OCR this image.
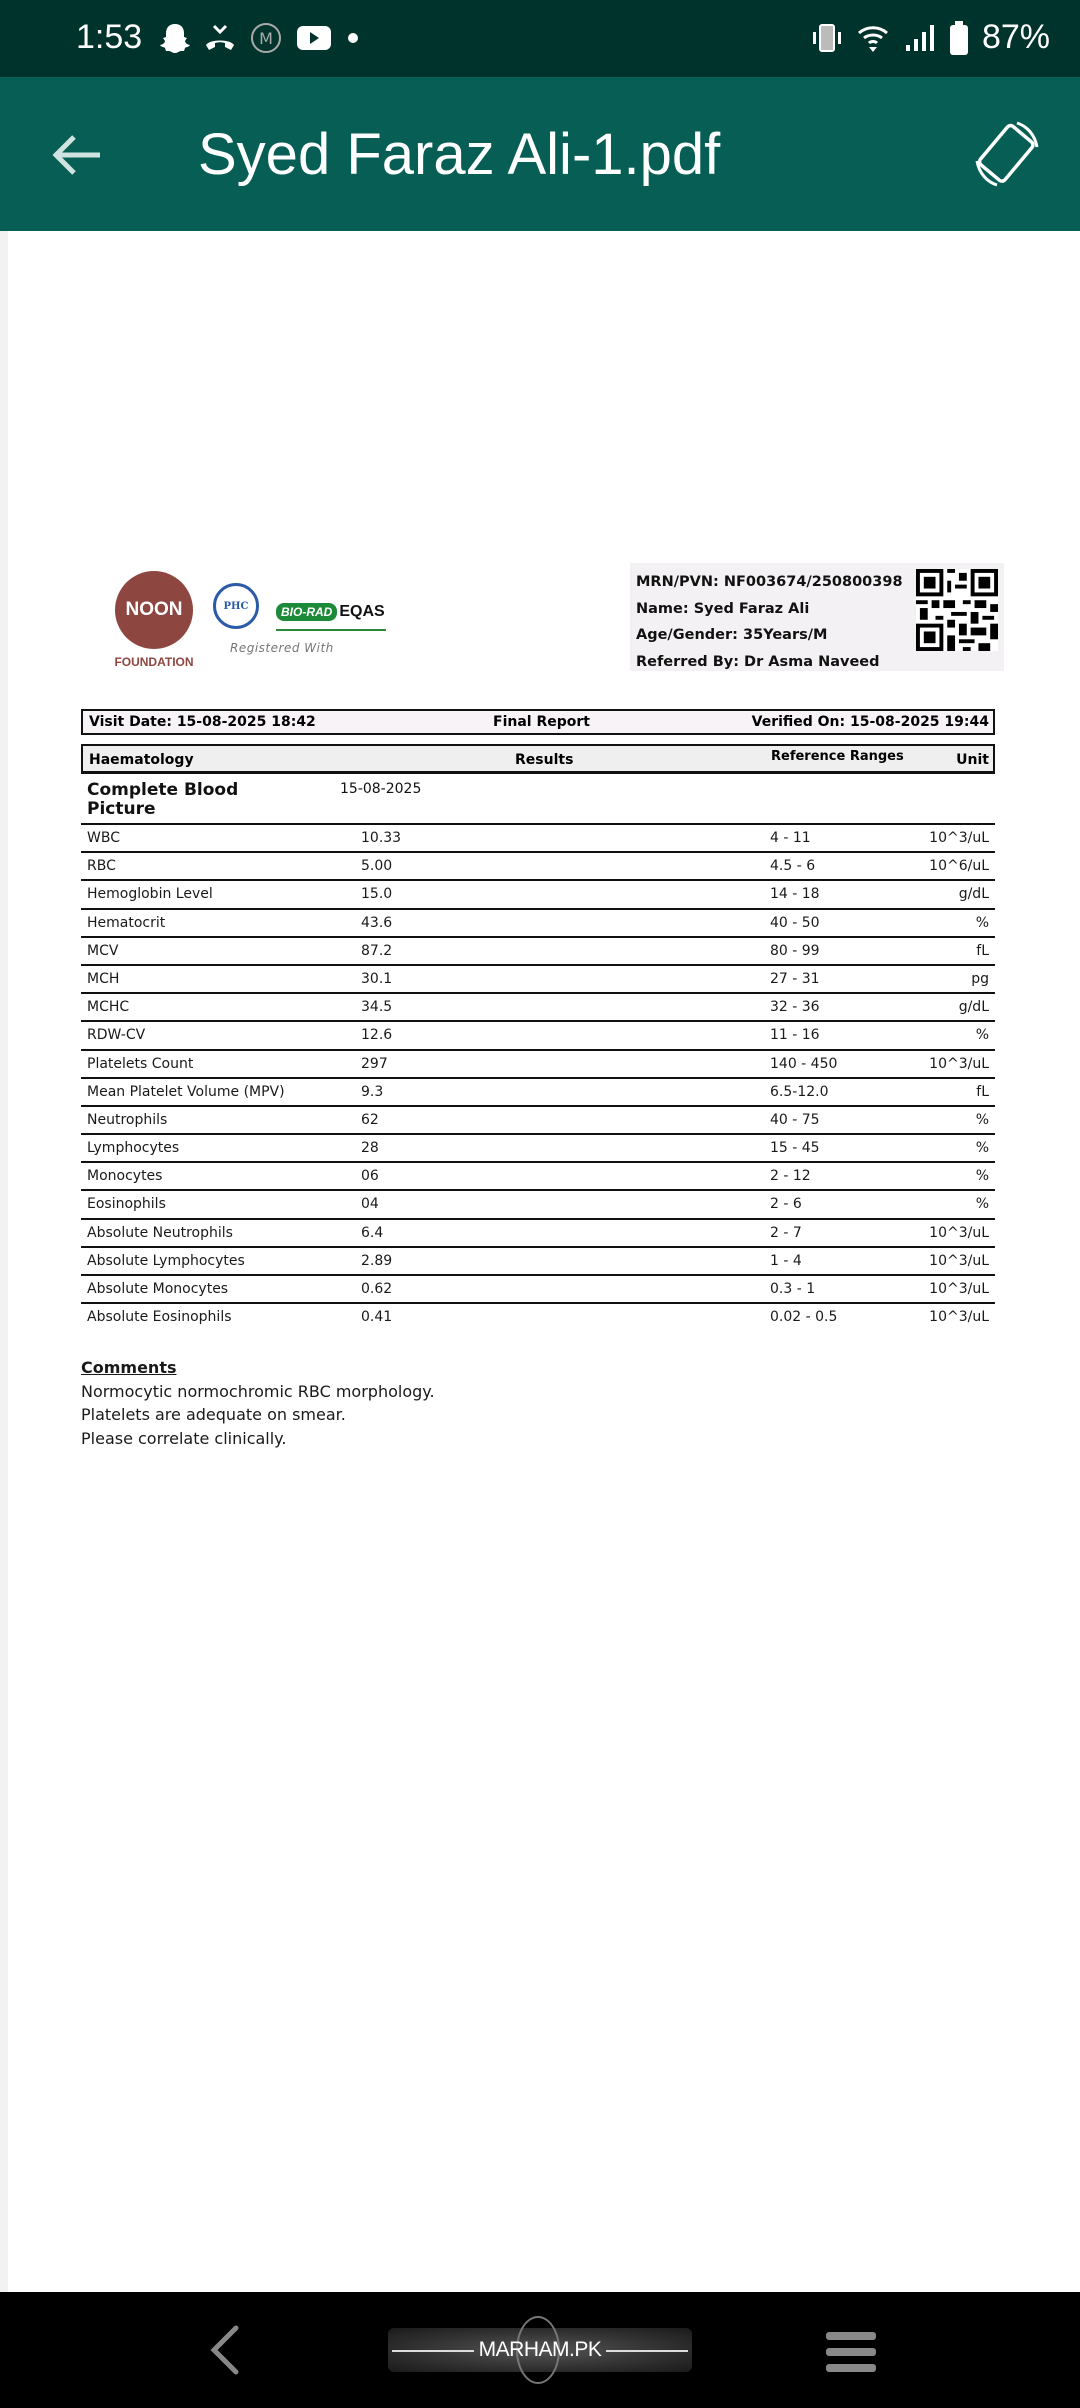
1:53	M	87%
Syed Faraz Ali-1.pdf
NOON
FOUNDATION
PHC	BIO-RAD EQAS
Registered With
MRN/PVN: NF003674/250800398
Name: Syed Faraz Ali
Age/Gender: 35Years/M
Referred By: Dr Asma Naveed
Visit Date: 15-08-2025 18:42	Final Report	Verified On: 15-08-2025 19:44
Haematology	Results	Reference Ranges	Unit
Complete Blood Picture
15-08-2025
WBC	10.33	4 - 11	10^3/uL
RBC	5.00	4.5 - 6	10^6/uL
Hemoglobin Level	15.0	14 - 18	g/dL
Hematocrit	43.6	40 - 50	%
MCV	87.2	80 - 99	fL
MCH	30.1	27 - 31	pg
MCHC	34.5	32 - 36	g/dL
RDW-CV	12.6	11 - 16	%
Platelets Count	297	140 - 450	10^3/uL
Mean Platelet Volume (MPV)	9.3	6.5-12.0	fL
Neutrophils	62	40 - 75	%
Lymphocytes	28	15 - 45	%
Monocytes	06	2 - 12	%
Eosinophils	04	2 - 6	%
Absolute Neutrophils	6.4	2 - 7	10^3/uL
Absolute Lymphocytes	2.89	1 - 4	10^3/uL
Absolute Monocytes	0.62	0.3 - 1	10^3/uL
Absolute Eosinophils	0.41	0.02 - 0.5	10^3/uL
Comments
Normocytic normochromic RBC morphology.
Platelets are adequate on smear.
Please correlate clinically.
MARHAM.PK
